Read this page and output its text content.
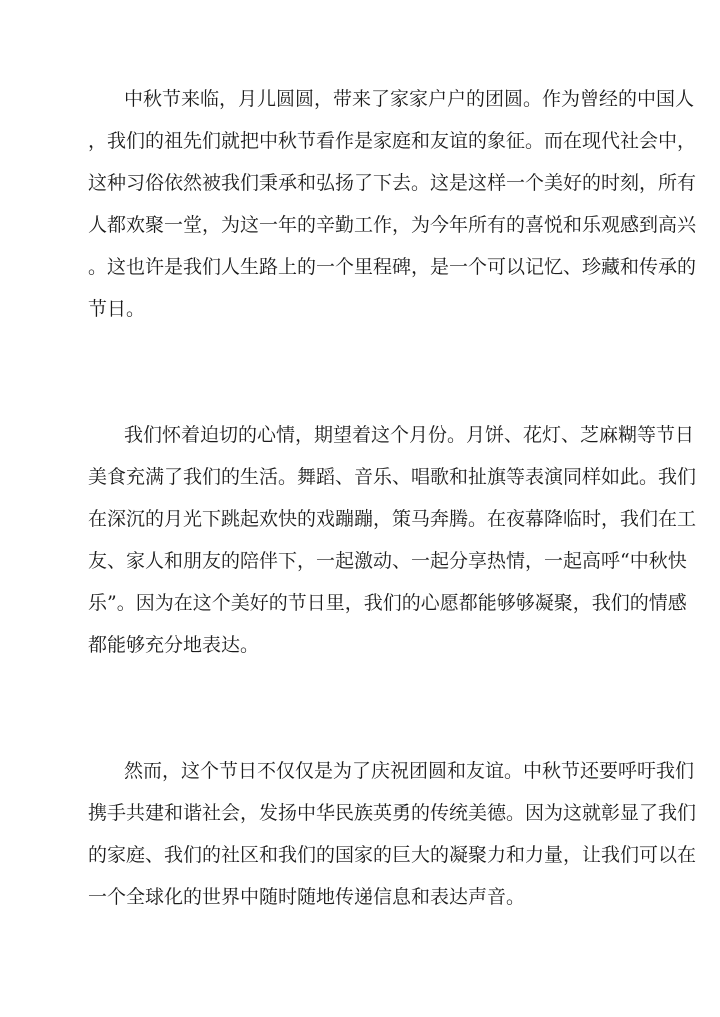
中秋节来临，月儿圆圆，带来了家家户户的团圆。作为曾经的中国人
，我们的祖先们就把中秋节看作是家庭和友谊的象征。而在现代社会中，
这种习俗依然被我们秉承和弘扬了下去。这是这样一个美好的时刻，所有
人都欢聚一堂，为这一年的辛勤工作，为今年所有的喜悦和乐观感到高兴
。这也许是我们人生路上的一个里程碑，是一个可以记忆、珍藏和传承的
节日。
我们怀着迫切的心情，期望着这个月份。月饼、花灯、芝麻糊等节日
美食充满了我们的生活。舞蹈、音乐、唱歌和扯旗等表演同样如此。我们
在深沉的月光下跳起欢快的戏蹦蹦，策马奔腾。在夜幕降临时，我们在工
友、家人和朋友的陪伴下，一起激动、一起分享热情，一起高呼“中秋快
乐”。因为在这个美好的节日里，我们的心愿都能够够凝聚，我们的情感
都能够充分地表达。
然而，这个节日不仅仅是为了庆祝团圆和友谊。中秋节还要呼吁我们
携手共建和谐社会，发扬中华民族英勇的传统美德。因为这就彰显了我们
的家庭、我们的社区和我们的国家的巨大的凝聚力和力量，让我们可以在
一个全球化的世界中随时随地传递信息和表达声音。
